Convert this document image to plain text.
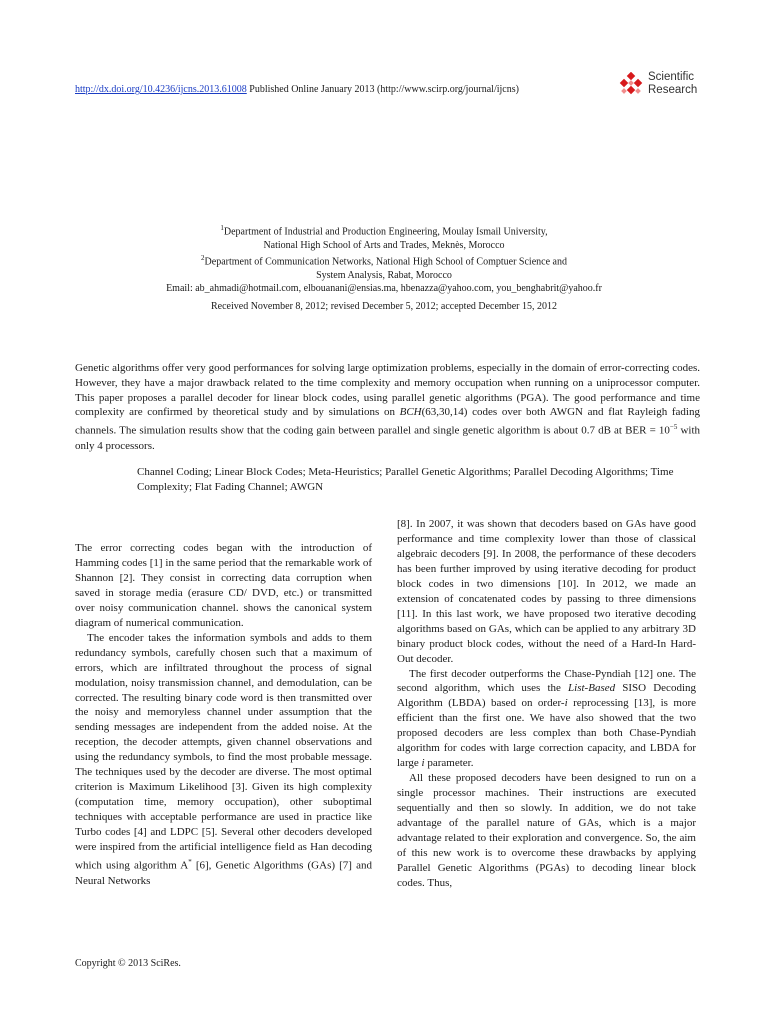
http://dx.doi.org/10.4236/ijcns.2013.61008 Published Online January 2013 (http://www.scirp.org/journal/ijcns)
Scientific
Research
$^1$Department of Industrial and Production Engineering, Moulay Ismail University,
National High School of Arts and Trades, Meknès, Morocco
$^2$Department of Communication Networks, National High School of Comptuer Science and
System Analysis, Rabat, Morocco
Email: ab_ahmadi@hotmail.com, elbouanani@ensias.ma, hbenazza@yahoo.com, you_benghabrit@yahoo.fr
Received November 8, 2012; revised December 5, 2012; accepted December 15, 2012
Genetic algorithms offer very good performances for solving large optimization problems, especially in the domain of error-correcting codes. However, they have a major drawback related to the time complexity and memory occupation when running on a uniprocessor computer. This paper proposes a parallel decoder for linear block codes, using parallel genetic algorithms (PGA). The good performance and time complexity are confirmed by theoretical study and by simulations on BCH(63,30,14) codes over both AWGN and flat Rayleigh fading channels. The simulation results show that the coding gain between parallel and single genetic algorithm is about 0.7 dB at BER = $10^{-5}$ with only 4 processors.
Channel Coding; Linear Block Codes; Meta-Heuristics; Parallel Genetic Algorithms; Parallel Decoding Algorithms; Time Complexity; Flat Fading Channel; AWGN

The error correcting codes began with the introduction of Hamming codes [1] in the same period that the remarkable work of Shannon [2]. They consist in correcting data corruption when saved in storage media (erasure CD/ DVD, etc.) or transmitted over noisy communication channel. shows the canonical system diagram of numerical communication.

The encoder takes the information symbols and adds to them redundancy symbols, carefully chosen such that a maximum of errors, which are infiltrated throughout the process of signal modulation, noisy transmission channel, and demodulation, can be corrected. The resulting binary code word is then transmitted over the noisy and memoryless channel under assumption that the sending messages are independent from the added noise. At the reception, the decoder attempts, given channel observations and using the redundancy symbols, to find the most probable message. The techniques used by the decoder are diverse. The most optimal criterion is Maximum Likelihood [3]. Given its high complexity (computation time, memory occupation), other suboptimal techniques with acceptable performance are used in practice like Turbo codes [4] and LDPC [5]. Several other decoders developed were inspired from the artificial intelligence field as Han decoding which using algorithm A* [6], Genetic Algorithms (GAs) [7] and Neural Networks

[8]. In 2007, it was shown that decoders based on GAs have good performance and time complexity lower than those of classical algebraic decoders [9]. In 2008, the performance of these decoders has been further improved by using iterative decoding for product block codes in two dimensions [10]. In 2012, we made an extension of concatenated codes by passing to three dimensions [11]. In this last work, we have proposed two iterative decoding algorithms based on GAs, which can be applied to any arbitrary 3D binary product block codes, without the need of a Hard-In Hard-Out decoder.

The first decoder outperforms the Chase-Pyndiah [12] one. The second algorithm, which uses the List-Based SISO Decoding Algorithm (LBDA) based on order-i reprocessing [13], is more efficient than the first one. We have also showed that the two proposed decoders are less complex than both Chase-Pyndiah algorithm for codes with large correction capacity, and LBDA for large i parameter.

All these proposed decoders have been designed to run on a single processor machines. Their instructions are executed sequentially and then so slowly. In addition, we do not take advantage of the parallel nature of GAs, which is a major advantage related to their exploration and convergence. So, the aim of this new work is to overcome these drawbacks by applying Parallel Genetic Algorithms (PGAs) to decoding linear block codes. Thus,

Copyright © 2013 SciRes.
